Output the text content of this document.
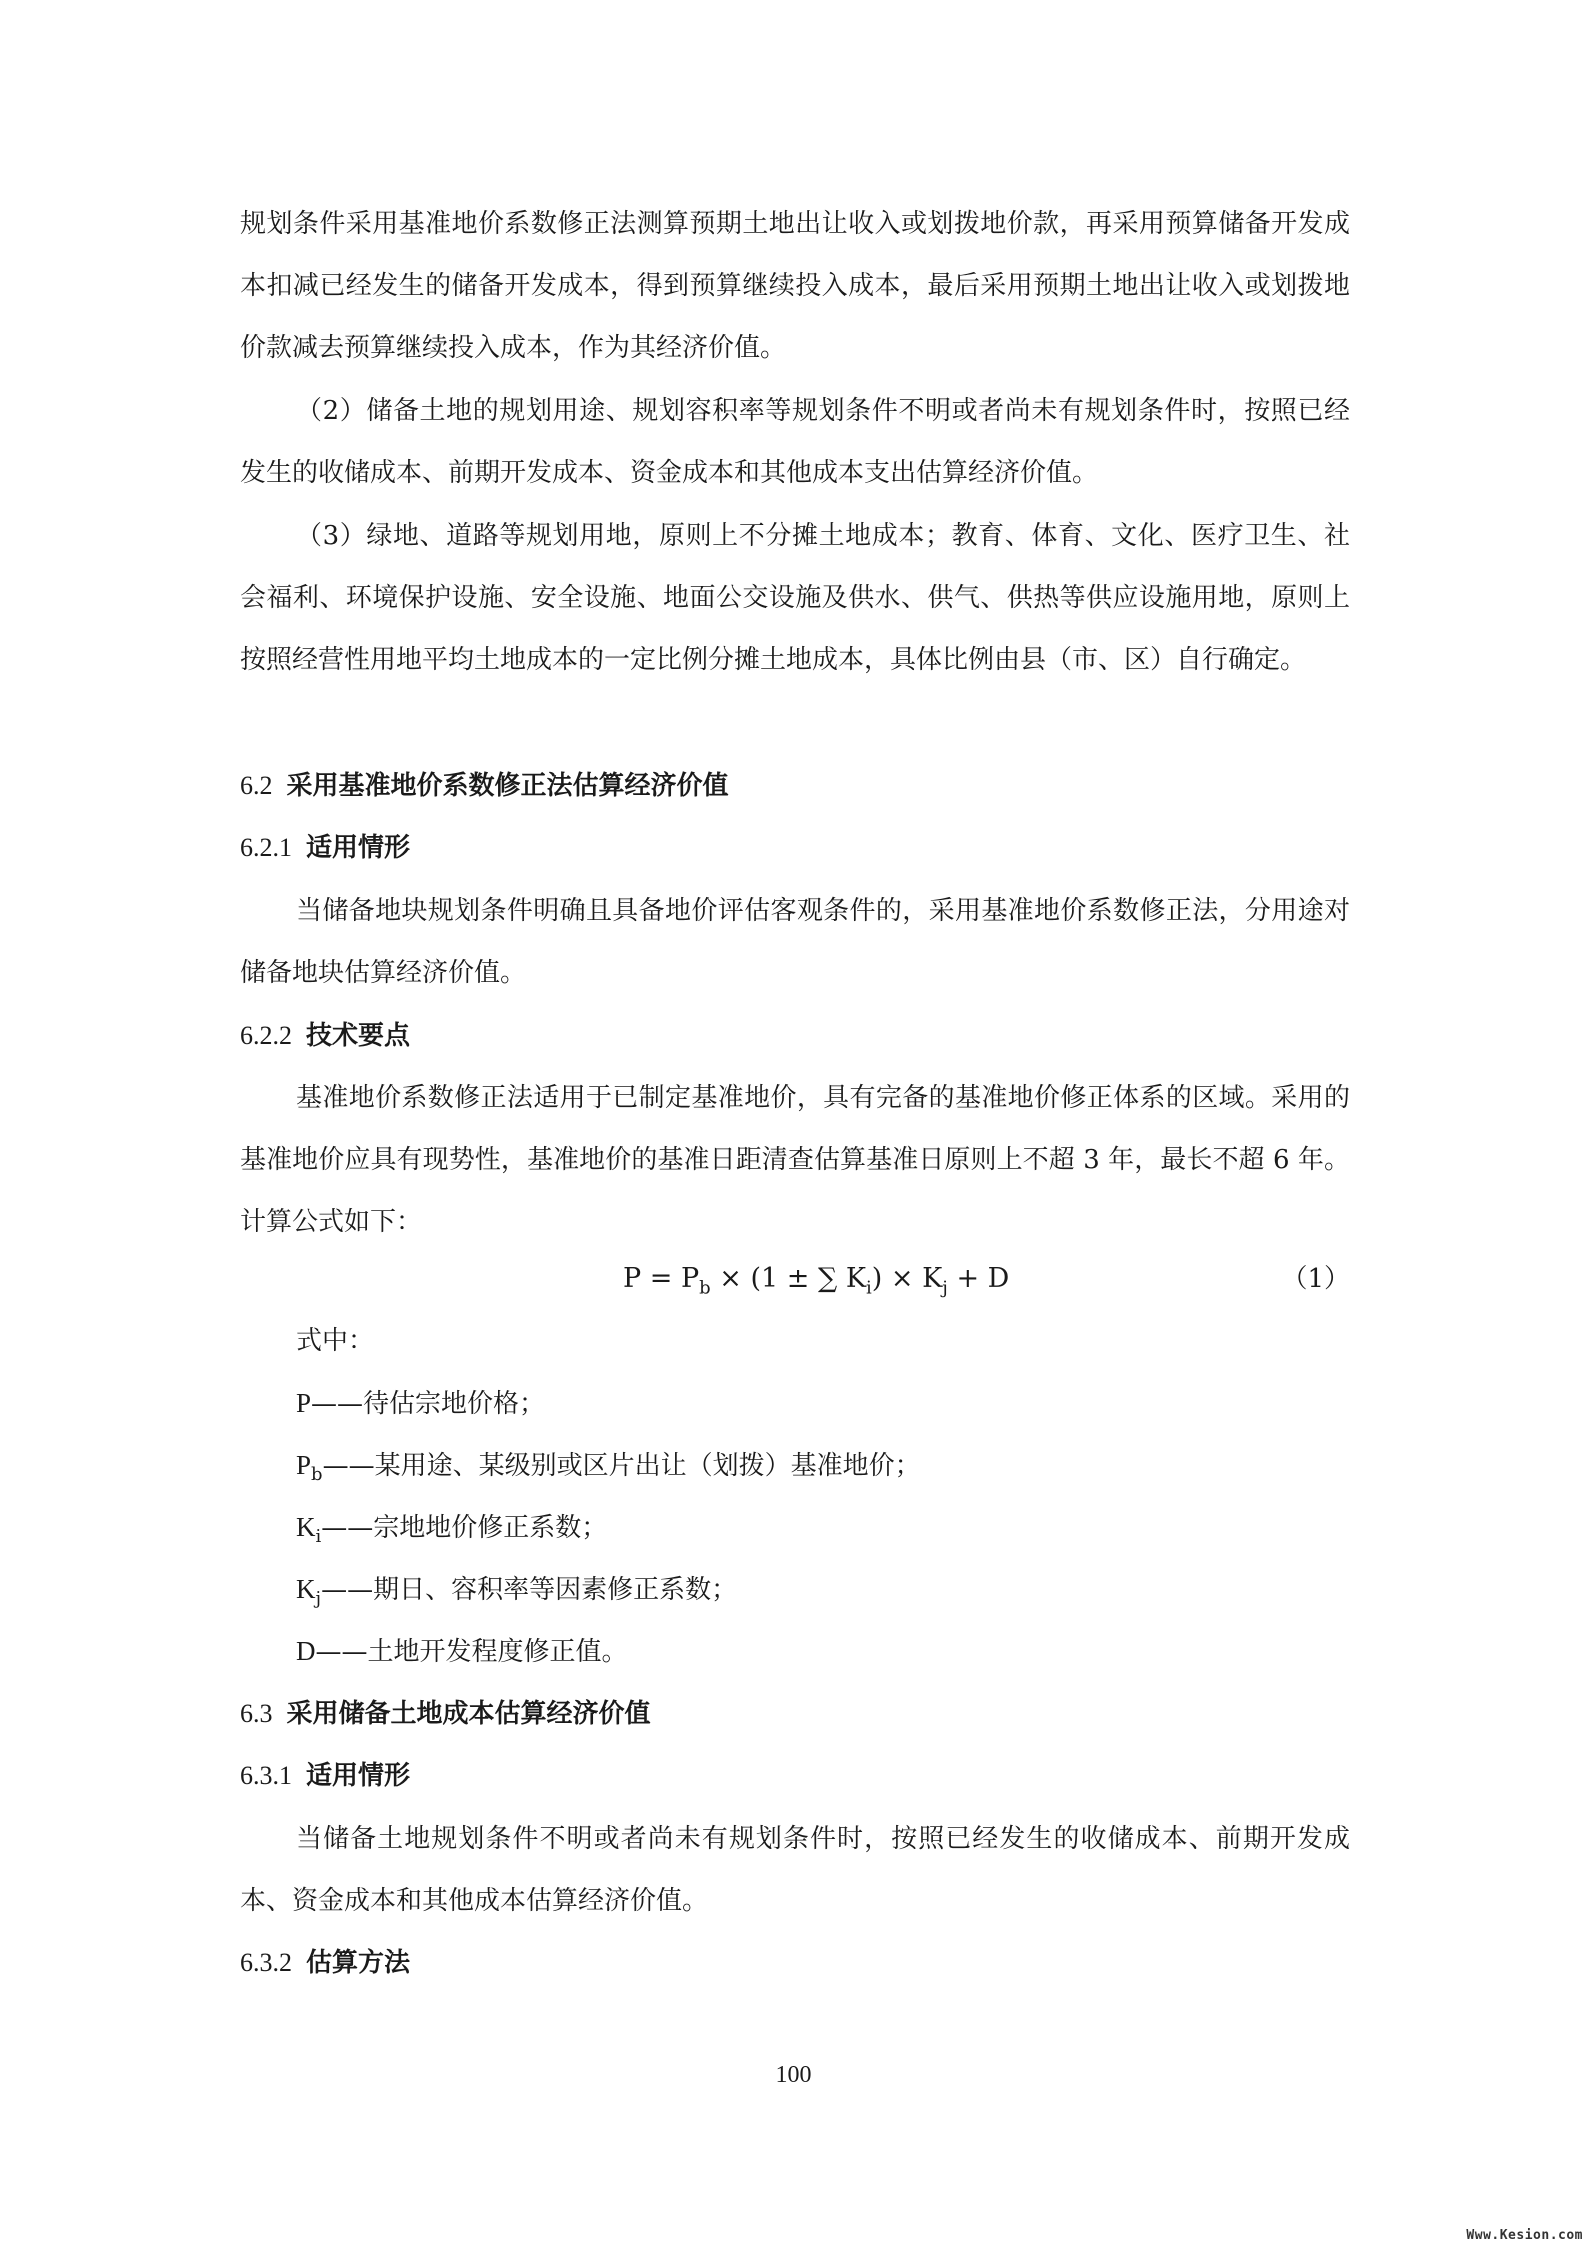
规划条件采用基准地价系数修正法测算预期土地出让收入或划拨地价款，再采用预算储备开发成本扣减已经发生的储备开发成本，得到预算继续投入成本，最后采用预期土地出让收入或划拨地价款减去预算继续投入成本，作为其经济价值。

（2）储备土地的规划用途、规划容积率等规划条件不明或者尚未有规划条件时，按照已经发生的收储成本、前期开发成本、资金成本和其他成本支出估算经济价值。

（3）绿地、道路等规划用地，原则上不分摊土地成本；教育、体育、文化、医疗卫生、社会福利、环境保护设施、安全设施、地面公交设施及供水、供气、供热等供应设施用地，原则上按照经营性用地平均土地成本的一定比例分摊土地成本，具体比例由县（市、区）自行确定。

6.2 采用基准地价系数修正法估算经济价值
6.2.1 适用情形

当储备地块规划条件明确且具备地价评估客观条件的，采用基准地价系数修正法，分用途对储备地块估算经济价值。

6.2.2 技术要点

基准地价系数修正法适用于已制定基准地价，具有完备的基准地价修正体系的区域。采用的基准地价应具有现势性，基准地价的基准日距清查估算基准日原则上不超 3 年，最长不超 6 年。计算公式如下：

$P = P_b \times (1$ ± ∑ $K_i) \times K_j + D$	（1）
式中：
P——待估宗地价格；
$P_b——$某用途、某级别或区片出让（划拨）基准地价；
$K_i——$宗地地价修正系数；
$K_j——$期日、容积率等因素修正系数；
D——土地开发程度修正值。
6.3 采用储备土地成本估算经济价值
6.3.1 适用情形

当储备土地规划条件不明或者尚未有规划条件时，按照已经发生的收储成本、前期开发成本、资金成本和其他成本估算经济价值。

6.3.2 估算方法
100
Www.Kesion.com
